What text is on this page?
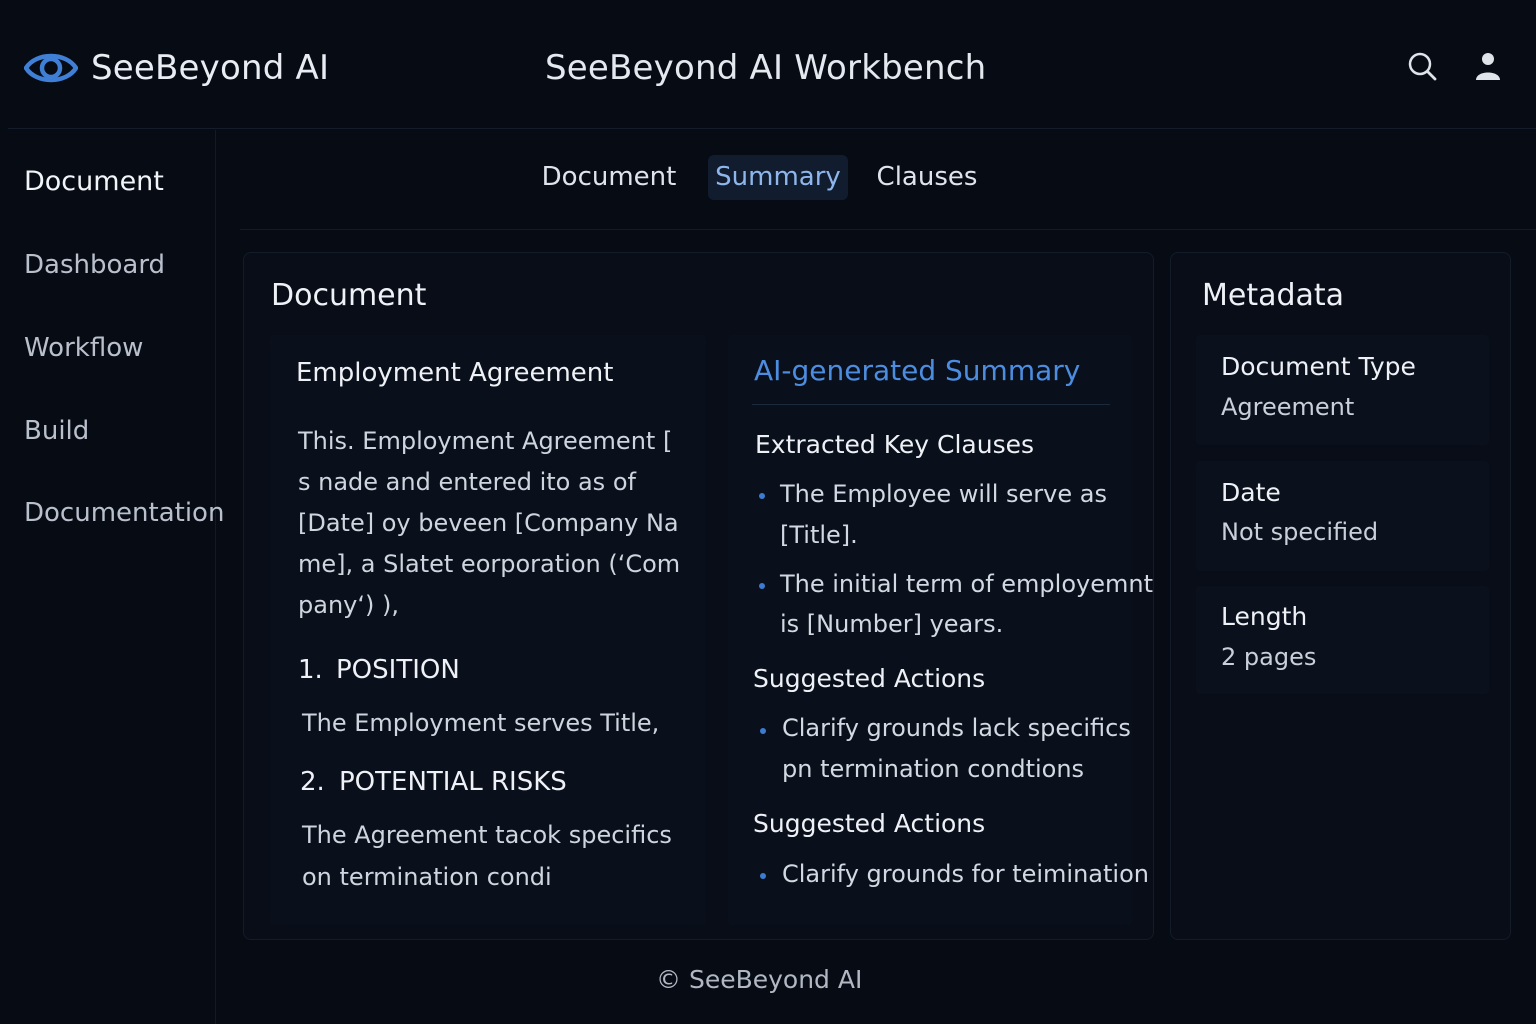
SeeBeyond AI	SeeBeyond AI Workbench
Document
Dashboard
Workflow
Build
Documentation
Document Summary	Clauses
Document
Employment Agreement
This. Employment Agreement [
s nade and entered ito as of
[Date] oy beveen [Company Na
me], a Slatet eorporation (‘Com
pany‘) ),
1. POSITION
The Employment serves Title,
2. POTENTIAL RISKS
The Agreement tacok specifics
on termination condi
AI-generated Summary
Extracted Key Clauses
The Employee will serve as
[Title].
The initial term of employemnt
is [Number] years.
Suggested Actions
Clarify grounds lack specifics
pn termination condtions
Suggested Actions
Clarify grounds for teimination
Metadata
Document Type
Agreement
Date
Not specified
Length
2 pages
© SeeBeyond AI
